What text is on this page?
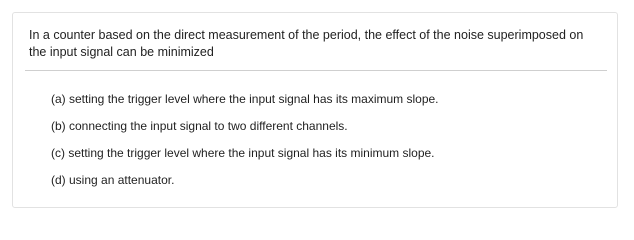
In a counter based on the direct measurement of the period, the effect of the noise superimposed on the input signal can be minimized

(a) setting the trigger level where the input signal has its maximum slope.
(b) connecting the input signal to two different channels.
(c) setting the trigger level where the input signal has its minimum slope.
(d) using an attenuator.
